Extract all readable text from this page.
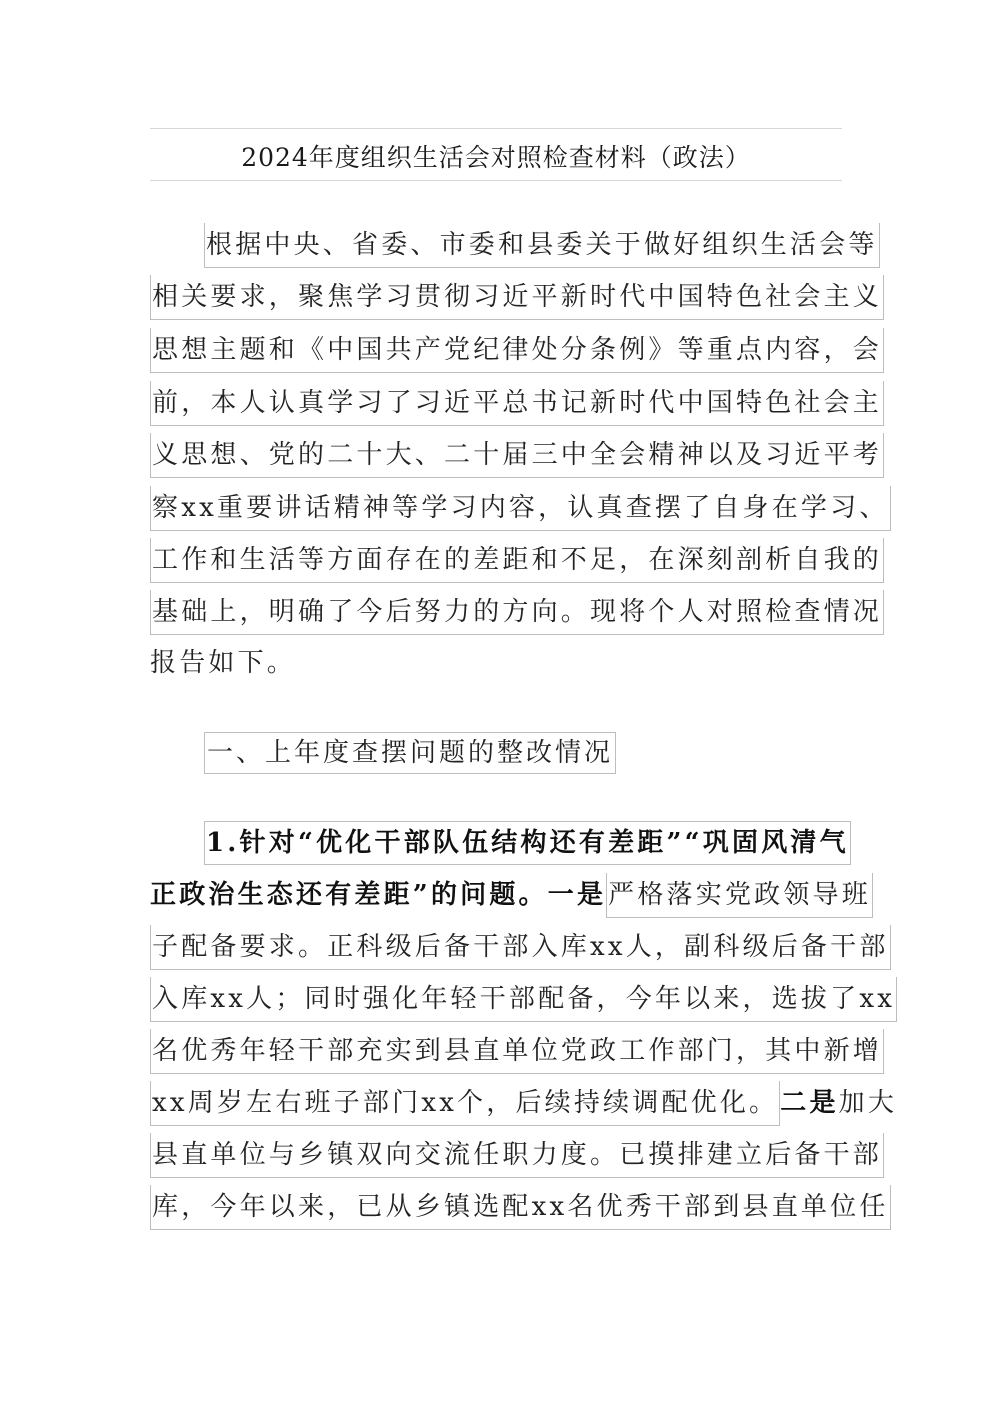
2024年度组织生活会对照检查材料（政法）
根据中央、省委、市委和县委关于做好组织生活会等
相关要求，聚焦学习贯彻习近平新时代中国特色社会主义
思想主题和《中国共产党纪律处分条例》等重点内容，会
前，本人认真学习了习近平总书记新时代中国特色社会主
义思想、党的二十大、二十届三中全会精神以及习近平考
察xx重要讲话精神等学习内容，认真查摆了自身在学习、
工作和生活等方面存在的差距和不足，在深刻剖析自我的
基础上，明确了今后努力的方向。现将个人对照检查情况
报告如下。
一、上年度查摆问题的整改情况
1.针对“优化干部队伍结构还有差距”“巩固风清气
正政治生态还有差距”的问题。一是严格落实党政领导班
子配备要求。正科级后备干部入库xx人，副科级后备干部
入库xx人；同时强化年轻干部配备，今年以来，选拔了xx
名优秀年轻干部充实到县直单位党政工作部门，其中新增
xx周岁左右班子部门xx个，后续持续调配优化。二是加大
县直单位与乡镇双向交流任职力度。已摸排建立后备干部
库，今年以来，已从乡镇选配xx名优秀干部到县直单位任
